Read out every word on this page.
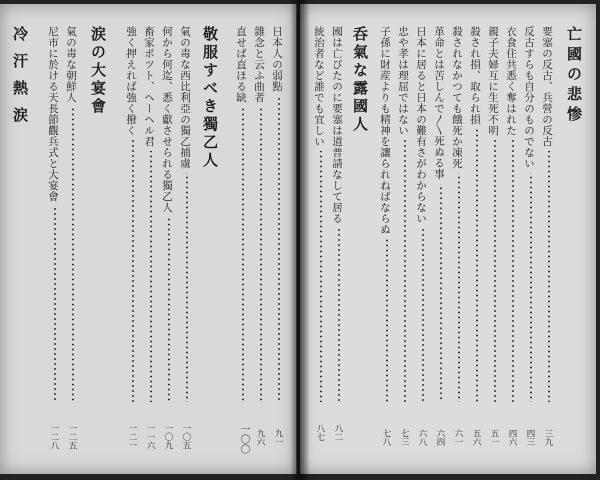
日本人の弱點
九一
雜念と云ふ曲者
九六
直せば直ほる缺
一〇〇
敬服すべき獨乙人
氣の毒な西比利亞の獨乙捕虜
一〇五
何から何迄、悉く獻させられる獨乙人
一〇九
畜家ポツト、ヘーヘル君
一一六
強く押えれば強く撥く
一二一
涙の大宴會
氣の毒な朝鮮人
一二五
尼市に於ける天長節觀兵式と大宴會
一二八
冷汗熱涙	亡國の悲惨
要塞の反古、兵營の反古
三九
反古すらも自分のものでない
四三
衣食住共悉く奪はれた
四六
親子夫婦互に生死不明
五一
殺され損、取られ損
五六
殺されなかつても餓死か凍死
六一
革命とは苦しんで〳〵死ぬる事
六四
日本に居ると日本の難有さがわからない
六八
忠や孝は理屈ではない
七三
子孫に財産よりも精神を讓られねばならぬ
七八
呑氣な露國人
國は亡びたのに要塞は道普請なして居る
八二
統治者など誰でも宜しい
八七
